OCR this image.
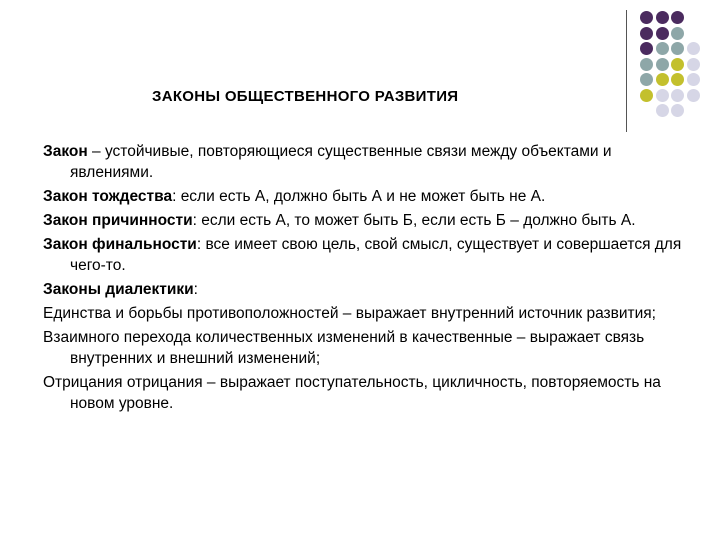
ЗАКОНЫ ОБЩЕСТВЕННОГО РАЗВИТИЯ

Закон – устойчивые, повторяющиеся существенные связи между объектами и явлениями.

Закон тождества: если есть А, должно быть А и не может быть не А.

Закон причинности: если есть А, то может быть Б, если есть Б – должно быть А.

Закон финальности: все имеет свою цель, свой смысл, существует и совершается для чего-то.

Законы диалектики:

Единства и борьбы противоположностей – выражает внутренний источник развития;

Взаимного перехода количественных изменений в качественные – выражает связь внутренних и внешний изменений;

Отрицания отрицания – выражает поступательность, цикличность, повторяемость на новом уровне.
